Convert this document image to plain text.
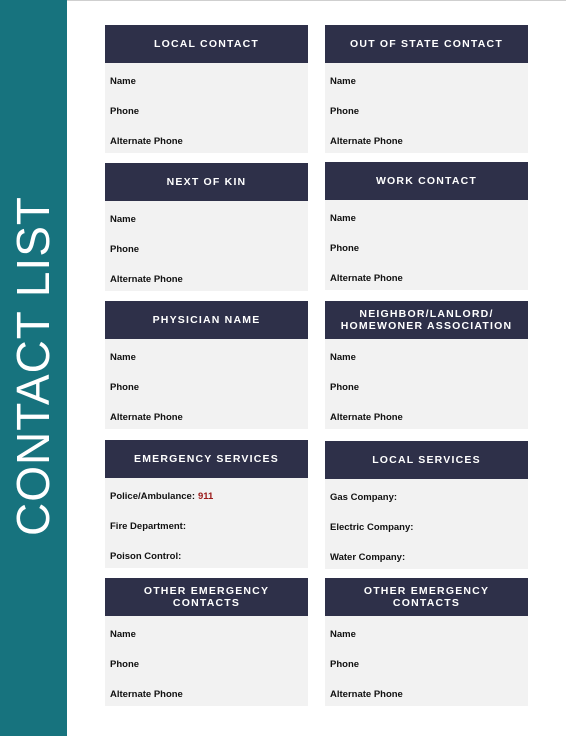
CONTACT LIST
LOCAL CONTACT
Name
Phone
Alternate Phone
OUT OF STATE CONTACT
Name
Phone
Alternate Phone
NEXT OF KIN
Name
Phone
Alternate Phone
WORK CONTACT
Name
Phone
Alternate Phone
PHYSICIAN NAME
Name
Phone
Alternate Phone
NEIGHBOR/LANLORD/ HOMEWONER ASSOCIATION
Name
Phone
Alternate Phone
EMERGENCY SERVICES
Police/Ambulance: 911
Fire Department:
Poison Control:
LOCAL SERVICES
Gas Company:
Electric Company:
Water Company:
OTHER EMERGENCY CONTACTS
Name
Phone
Alternate Phone
OTHER EMERGENCY CONTACTS
Name
Phone
Alternate Phone
